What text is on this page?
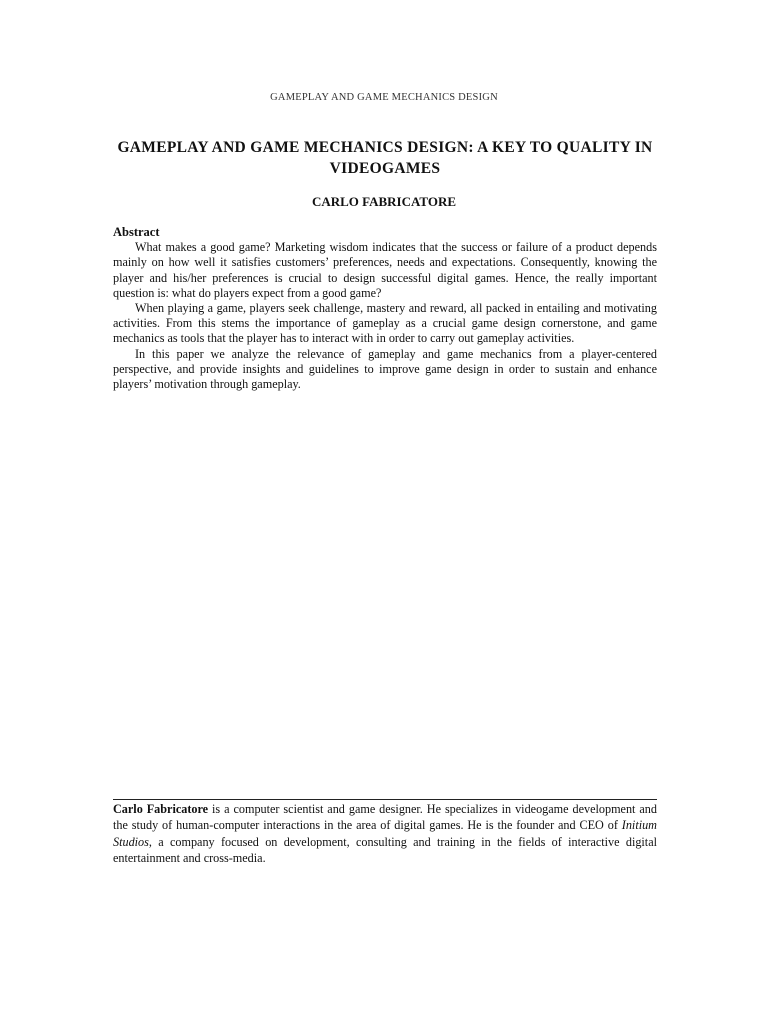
GAMEPLAY AND GAME MECHANICS DESIGN
GAMEPLAY AND GAME MECHANICS DESIGN: A KEY TO QUALITY IN VIDEOGAMES
CARLO FABRICATORE
Abstract

What makes a good game? Marketing wisdom indicates that the success or failure of a product depends mainly on how well it satisfies customers’ preferences, needs and expectations. Consequently, knowing the player and his/her preferences is crucial to design successful digital games. Hence, the really important question is: what do players expect from a good game?

When playing a game, players seek challenge, mastery and reward, all packed in entailing and motivating activities. From this stems the importance of gameplay as a crucial game design cornerstone, and game mechanics as tools that the player has to interact with in order to carry out gameplay activities.

In this paper we analyze the relevance of gameplay and game mechanics from a player-centered perspective, and provide insights and guidelines to improve game design in order to sustain and enhance players’ motivation through gameplay.

Carlo Fabricatore is a computer scientist and game designer. He specializes in videogame development and the study of human-computer interactions in the area of digital games. He is the founder and CEO of Initium Studios, a company focused on development, consulting and training in the fields of interactive digital entertainment and cross-media.
